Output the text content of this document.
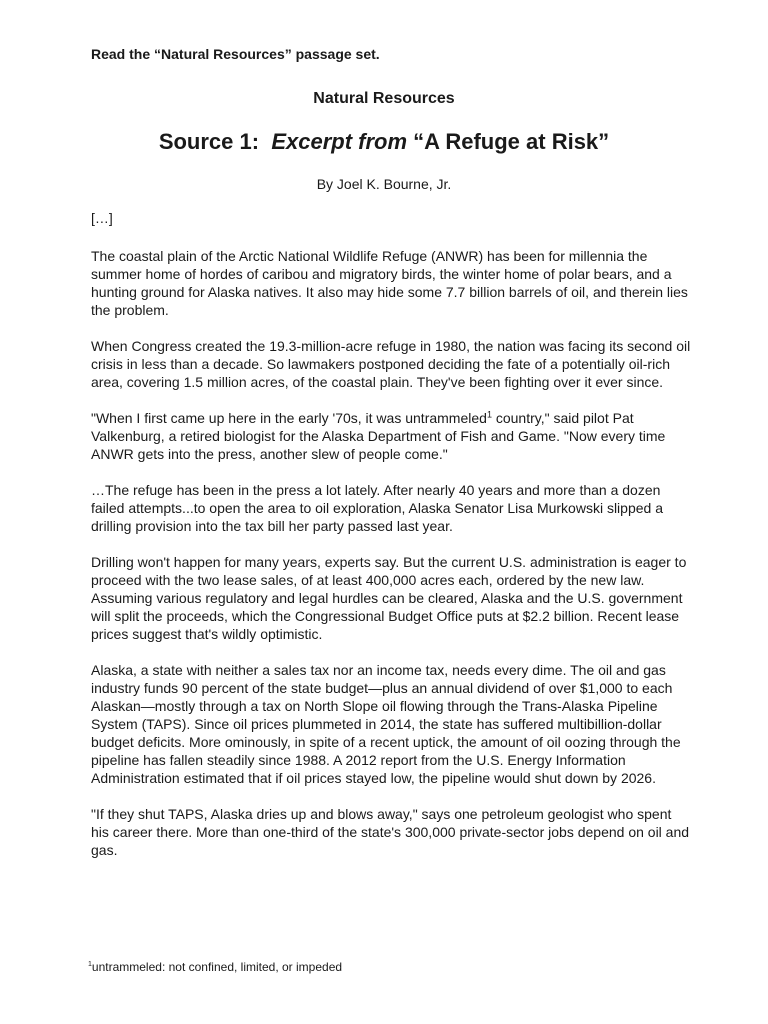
Read the “Natural Resources” passage set.

Natural Resources

Source 1: Excerpt from “A Refuge at Risk”

By Joel K. Bourne, Jr.

[…]

The coastal plain of the Arctic National Wildlife Refuge (ANWR) has been for millennia the summer home of hordes of caribou and migratory birds, the winter home of polar bears, and a hunting ground for Alaska natives. It also may hide some 7.7 billion barrels of oil, and therein lies the problem.

When Congress created the 19.3-million-acre refuge in 1980, the nation was facing its second oil crisis in less than a decade. So lawmakers postponed deciding the fate of a potentially oil-rich area, covering 1.5 million acres, of the coastal plain. They've been fighting over it ever since.

"When I first came up here in the early '70s, it was untrammeled$^1$ country," said pilot Pat Valkenburg, a retired biologist for the Alaska Department of Fish and Game. "Now every time ANWR gets into the press, another slew of people come."

…The refuge has been in the press a lot lately. After nearly 40 years and more than a dozen failed attempts...to open the area to oil exploration, Alaska Senator Lisa Murkowski slipped a drilling provision into the tax bill her party passed last year.

Drilling won't happen for many years, experts say. But the current U.S. administration is eager to proceed with the two lease sales, of at least 400,000 acres each, ordered by the new law. Assuming various regulatory and legal hurdles can be cleared, Alaska and the U.S. government will split the proceeds, which the Congressional Budget Office puts at $2.2 billion. Recent lease prices suggest that's wildly optimistic.

Alaska, a state with neither a sales tax nor an income tax, needs every dime. The oil and gas industry funds 90 percent of the state budget—plus an annual dividend of over $1,000 to each Alaskan—mostly through a tax on North Slope oil flowing through the Trans-Alaska Pipeline System (TAPS). Since oil prices plummeted in 2014, the state has suffered multibillion-dollar budget deficits. More ominously, in spite of a recent uptick, the amount of oil oozing through the pipeline has fallen steadily since 1988. A 2012 report from the U.S. Energy Information Administration estimated that if oil prices stayed low, the pipeline would shut down by 2026.

"If they shut TAPS, Alaska dries up and blows away," says one petroleum geologist who spent his career there. More than one-third of the state's 300,000 private-sector jobs depend on oil and gas.

$^1$untrammeled: not confined, limited, or impeded
